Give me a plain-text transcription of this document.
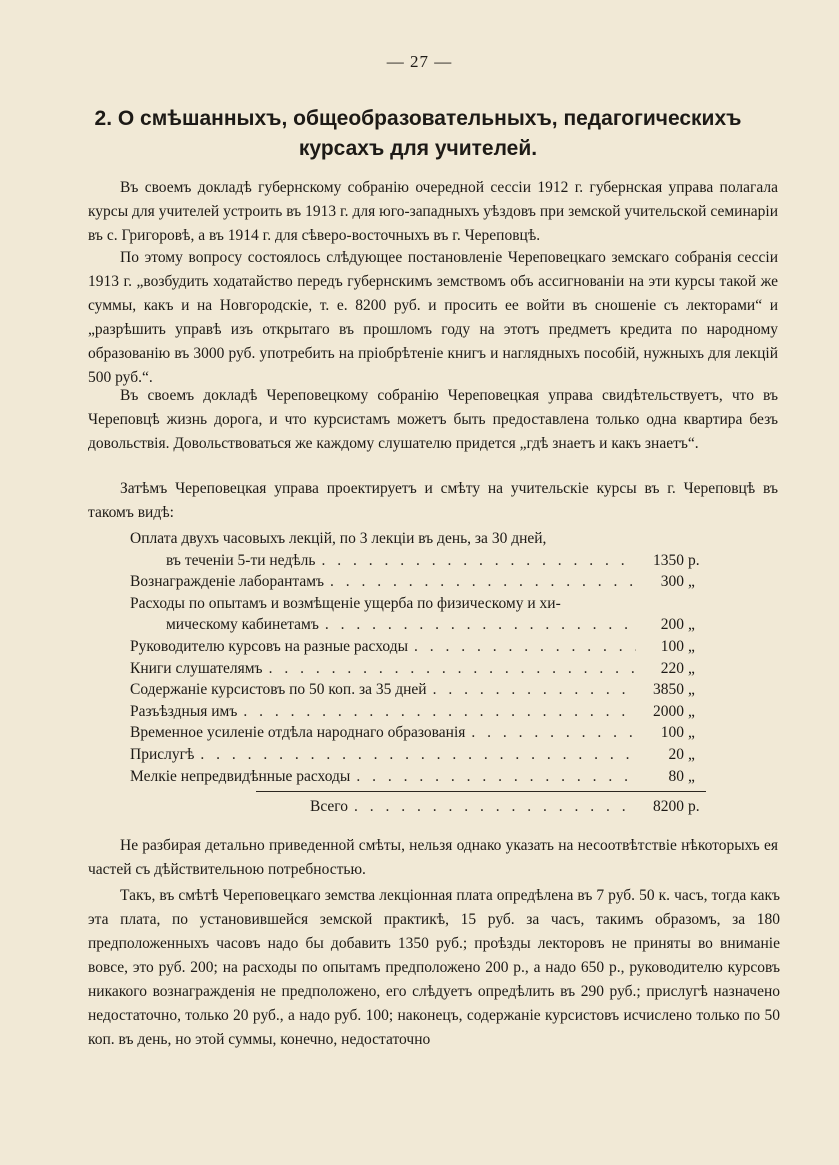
— 27 —
2. О смѣшанныхъ, общеобразовательныхъ, педагогическихъ курсахъ для учителей.

Въ своемъ докладѣ губернскому собранію очередной сессіи 1912 г. губернская управа полагала курсы для учителей устроить въ 1913 г. для юго-западныхъ уѣздовъ при земской учительской семинаріи въ с. Григоровѣ, а въ 1914 г. для сѣверо-восточныхъ въ г. Череповцѣ.

По этому вопросу состоялось слѣдующее постановленіе Череповецкаго земскаго собранія сессіи 1913 г. „возбудить ходатайство передъ губернскимъ земствомъ объ ассигнованіи на эти курсы такой же суммы, какъ и на Новгородскіе, т. е. 8200 руб. и просить ее войти въ сношеніе съ лекторами“ и „разрѣшить управѣ изъ открытаго въ прошломъ году на этотъ предметъ кредита по народному образованію въ 3000 руб. употребить на пріобрѣтеніе книгъ и наглядныхъ пособій, нужныхъ для лекцій 500 руб.“.

Въ своемъ докладѣ Череповецкому собранію Череповецкая управа свидѣтельствуетъ, что въ Череповцѣ жизнь дорога, и что курсистамъ можетъ быть предоставлена только одна квартира безъ довольствія. Довольствоваться же каждому слушателю придется „гдѣ знаетъ и какъ знаетъ“.

Затѣмъ Череповецкая управа проектируетъ и смѣту на учительскіе курсы въ г. Череповцѣ въ такомъ видѣ:

Оплата двухъ часовыхъ лекцій, по 3 лекціи въ день, за 30 дней,
въ теченіи 5-ти недѣль . . .	1350 р.
Вознагражденіе лаборантамъ . . .	300 „
Расходы по опытамъ и возмѣщеніе ущерба по физическому и хи-
мическому кабинетамъ . . .	200 „
Руководителю курсовъ на разные расходы . . .	100 „
Книги слушателямъ . . .	220 „
Содержаніе курсистовъ по 50 коп. за 35 дней . . .	3850 „
Разъѣздныя имъ . . .	2000 „
Временное усиленіе отдѣла народнаго образованія . . .	100 „
Прислугѣ . . .	20 „
Мелкіе непредвидѣнные расходы . . .	80 „
Всего . . .	8200 р.

Не разбирая детально приведенной смѣты, нельзя однако указать на несоотвѣтствіе нѣкоторыхъ ея частей съ дѣйствительною потребностью.

Такъ, въ смѣтѣ Череповецкаго земства лекціонная плата опредѣлена въ 7 руб. 50 к. часъ, тогда какъ эта плата, по установившейся земской практикѣ, 15 руб. за часъ, такимъ образомъ, за 180 предположенныхъ часовъ надо бы добавить 1350 руб.; проѣзды лекторовъ не приняты во вниманіе вовсе, это руб. 200; на расходы по опытамъ предположено 200 р., а надо 650 р., руководителю курсовъ никакого вознагражденія не предположено, его слѣдуетъ опредѣлить въ 290 руб.; прислугѣ назначено недостаточно, только 20 руб., а надо руб. 100; наконецъ, содержаніе курсистовъ исчислено только по 50 коп. въ день, но этой суммы, конечно, недостаточно
